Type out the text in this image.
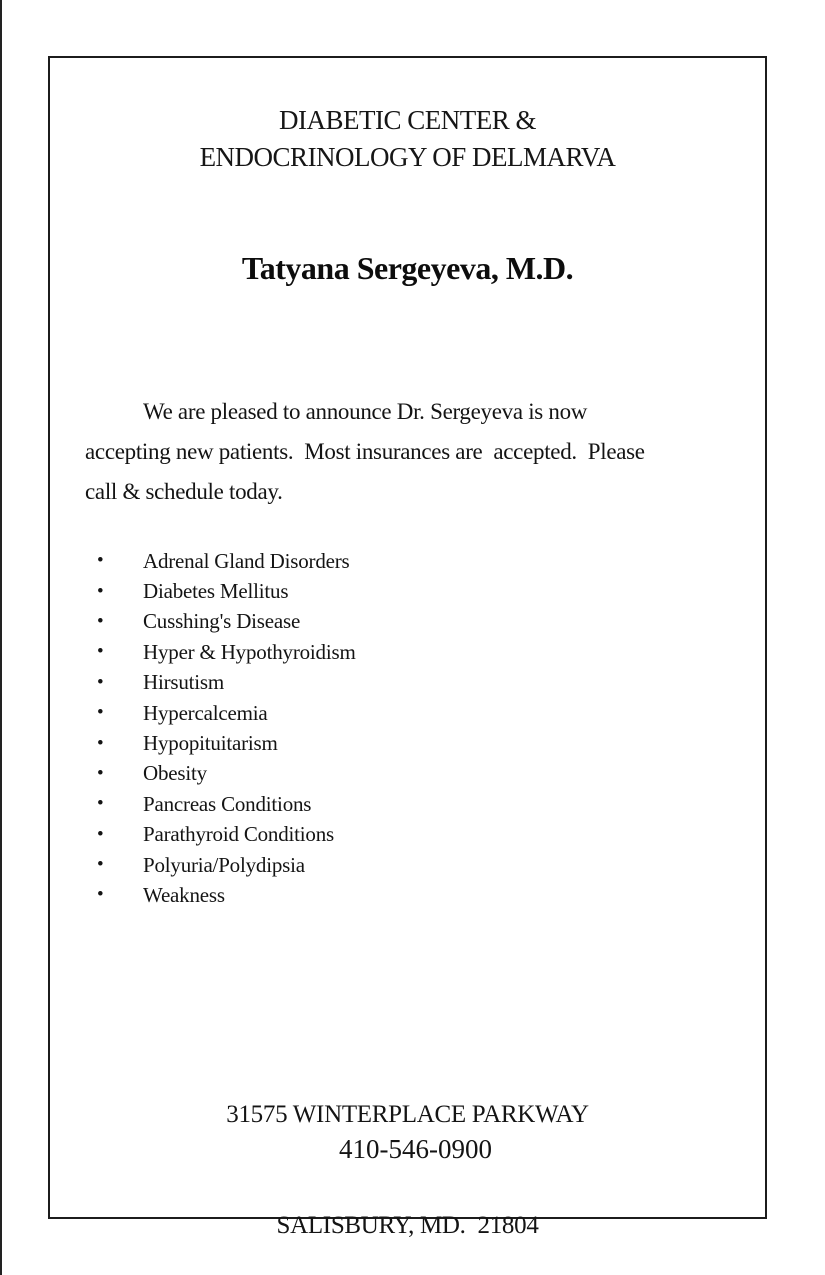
DIABETIC CENTER &
ENDOCRINOLOGY OF DELMARVA
Tatyana Sergeyeva, M.D.
We are pleased to announce Dr. Sergeyeva is now
accepting new patients.  Most insurances are  accepted.  Please
call & schedule today.
•	Adrenal Gland Disorders
•	Diabetes Mellitus
•	Cusshing's Disease
•	Hyper & Hypothyroidism
•	Hirsutism
•	Hypercalcemia
•	Hypopituitarism
•	Obesity
•	Pancreas Conditions
•	Parathyroid Conditions
•	Polyuria/Polydipsia
•	Weakness

31575 WINTERPLACE PARKWAY

SALISBURY, MD.  21804

410-546-0900
